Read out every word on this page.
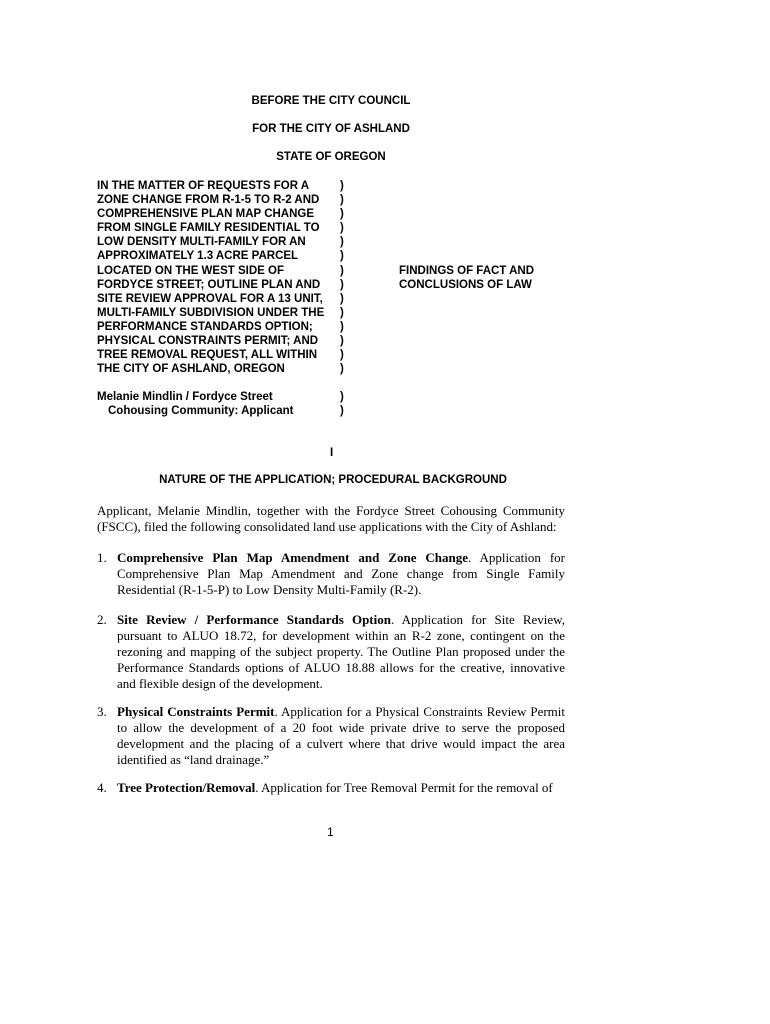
BEFORE THE CITY COUNCIL
FOR THE CITY OF ASHLAND
STATE OF OREGON
IN THE MATTER OF REQUESTS FOR A
ZONE CHANGE FROM R-1-5 TO R-2 AND
COMPREHENSIVE PLAN MAP CHANGE
FROM SINGLE FAMILY RESIDENTIAL TO
LOW DENSITY MULTI-FAMILY FOR AN
APPROXIMATELY 1.3 ACRE PARCEL
LOCATED ON THE WEST SIDE OF
FORDYCE STREET; OUTLINE PLAN AND
SITE REVIEW APPROVAL FOR A 13 UNIT,
MULTI-FAMILY SUBDIVISION UNDER THE
PERFORMANCE STANDARDS OPTION;
PHYSICAL CONSTRAINTS PERMIT; AND
TREE REMOVAL REQUEST, ALL WITHIN
THE CITY OF ASHLAND, OREGON
)
)
)
)
)
)
)
)
)
)
)
)
)
)
FINDINGS OF FACT AND
CONCLUSIONS OF LAW
Melanie Mindlin / Fordyce Street
Cohousing Community: Applicant
)
)
I
NATURE OF THE APPLICATION; PROCEDURAL BACKGROUND
Applicant, Melanie Mindlin, together with the Fordyce Street Cohousing Community (FSCC), filed the following consolidated land use applications with the City of Ashland:
1. Comprehensive Plan Map Amendment and Zone Change. Application for Comprehensive Plan Map Amendment and Zone change from Single Family Residential (R-1-5-P) to Low Density Multi-Family (R-2).
2. Site Review / Performance Standards Option. Application for Site Review, pursuant to ALUO 18.72, for development within an R-2 zone, contingent on the rezoning and mapping of the subject property. The Outline Plan proposed under the Performance Standards options of ALUO 18.88 allows for the creative, innovative and flexible design of the development.
3. Physical Constraints Permit. Application for a Physical Constraints Review Permit to allow the development of a 20 foot wide private drive to serve the proposed development and the placing of a culvert where that drive would impact the area identified as “land drainage.”
4. Tree Protection/Removal. Application for Tree Removal Permit for the removal of
1
